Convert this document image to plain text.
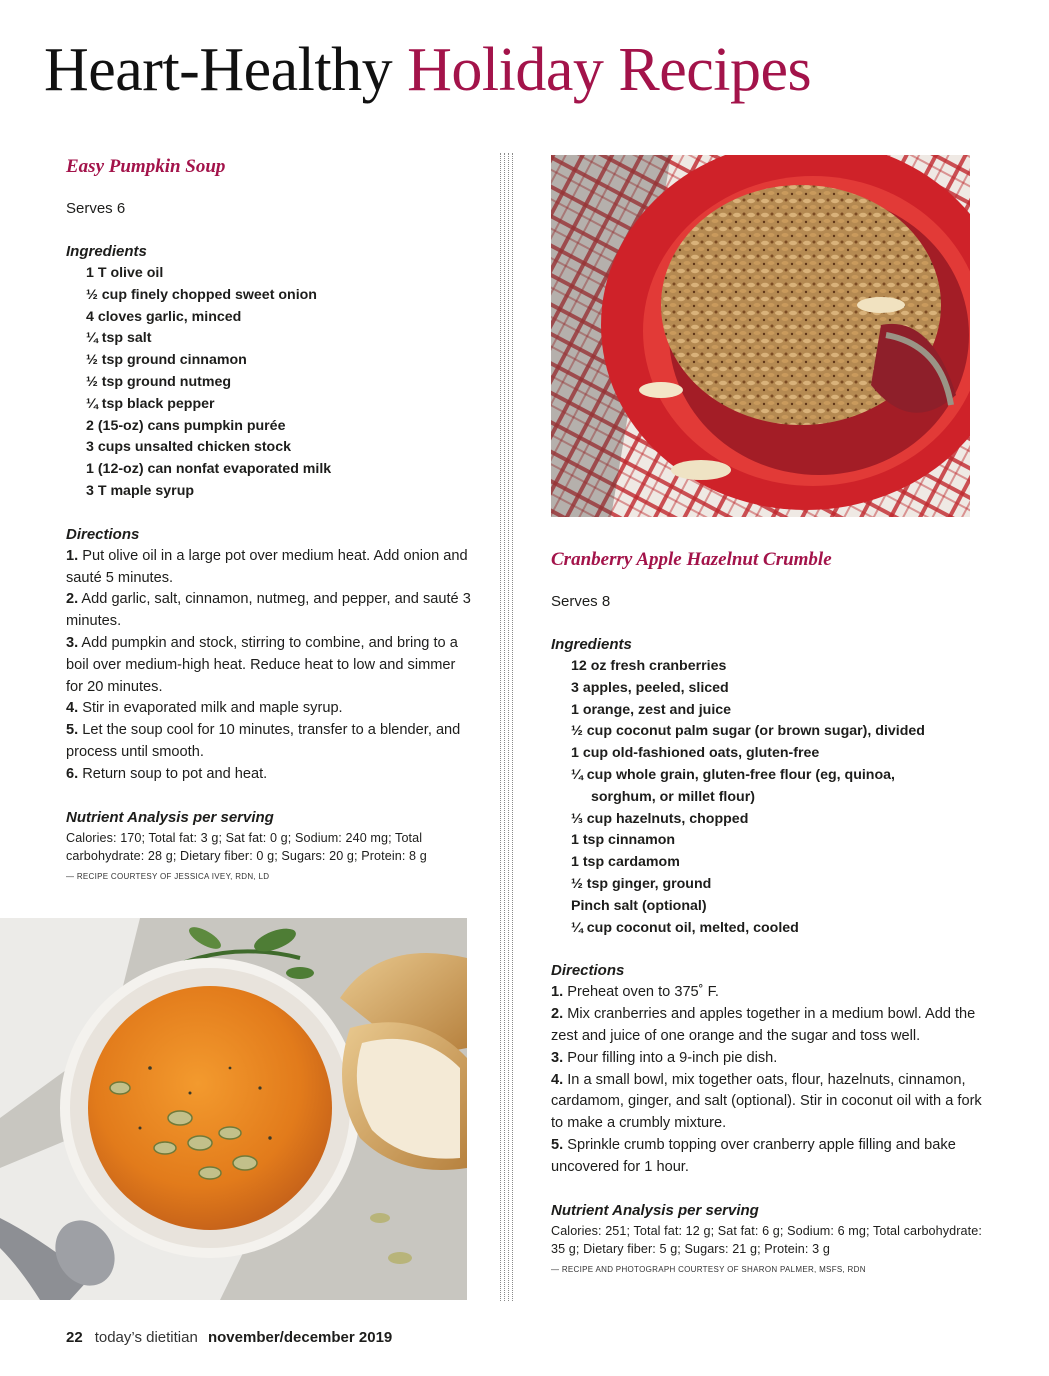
Heart-Healthy Holiday Recipes
Easy Pumpkin Soup

Serves 6

Ingredients

1 T olive oil
½ cup finely chopped sweet onion
4 cloves garlic, minced
¼ tsp salt
½ tsp ground cinnamon
½ tsp ground nutmeg
¼ tsp black pepper
2 (15-oz) cans pumpkin purée
3 cups unsalted chicken stock
1 (12-oz) can nonfat evaporated milk
3 T maple syrup

Directions

1. Put olive oil in a large pot over medium heat. Add onion and sauté 5 minutes.
2. Add garlic, salt, cinnamon, nutmeg, and pepper, and sauté 3 minutes.
3. Add pumpkin and stock, stirring to combine, and bring to a boil over medium-high heat. Reduce heat to low and simmer for 20 minutes.
4. Stir in evaporated milk and maple syrup.
5. Let the soup cool for 10 minutes, transfer to a blender, and process until smooth.
6. Return soup to pot and heat.

Nutrient Analysis per serving

Calories: 170; Total fat: 3 g; Sat fat: 0 g; Sodium: 240 mg; Total carbohydrate: 28 g; Dietary fiber: 0 g; Sugars: 20 g; Protein: 8 g

— RECIPE COURTESY OF JESSICA IVEY, RDN, LD

Cranberry Apple Hazelnut Crumble

Serves 8

Ingredients

12 oz fresh cranberries
3 apples, peeled, sliced
1 orange, zest and juice
½ cup coconut palm sugar (or brown sugar), divided
1 cup old-fashioned oats, gluten-free
¼ cup whole grain, gluten-free flour (eg, quinoa, sorghum, or millet flour)
⅓ cup hazelnuts, chopped
1 tsp cinnamon
1 tsp cardamom
½ tsp ginger, ground
Pinch salt (optional)
¼ cup coconut oil, melted, cooled

Directions

1. Preheat oven to 375˚ F.
2. Mix cranberries and apples together in a medium bowl. Add the zest and juice of one orange and the sugar and toss well.
3. Pour filling into a 9-inch pie dish.
4. In a small bowl, mix together oats, flour, hazelnuts, cinnamon, cardamom, ginger, and salt (optional). Stir in coconut oil with a fork to make a crumbly mixture.
5. Sprinkle crumb topping over cranberry apple filling and bake uncovered for 1 hour.

Nutrient Analysis per serving

Calories: 251; Total fat: 12 g; Sat fat: 6 g; Sodium: 6 mg; Total carbohydrate: 35 g; Dietary fiber: 5 g; Sugars: 21 g; Protein: 3 g

— RECIPE AND PHOTOGRAPH COURTESY OF SHARON PALMER, MSFS, RDN

22 today’s dietitian november/december 2019
